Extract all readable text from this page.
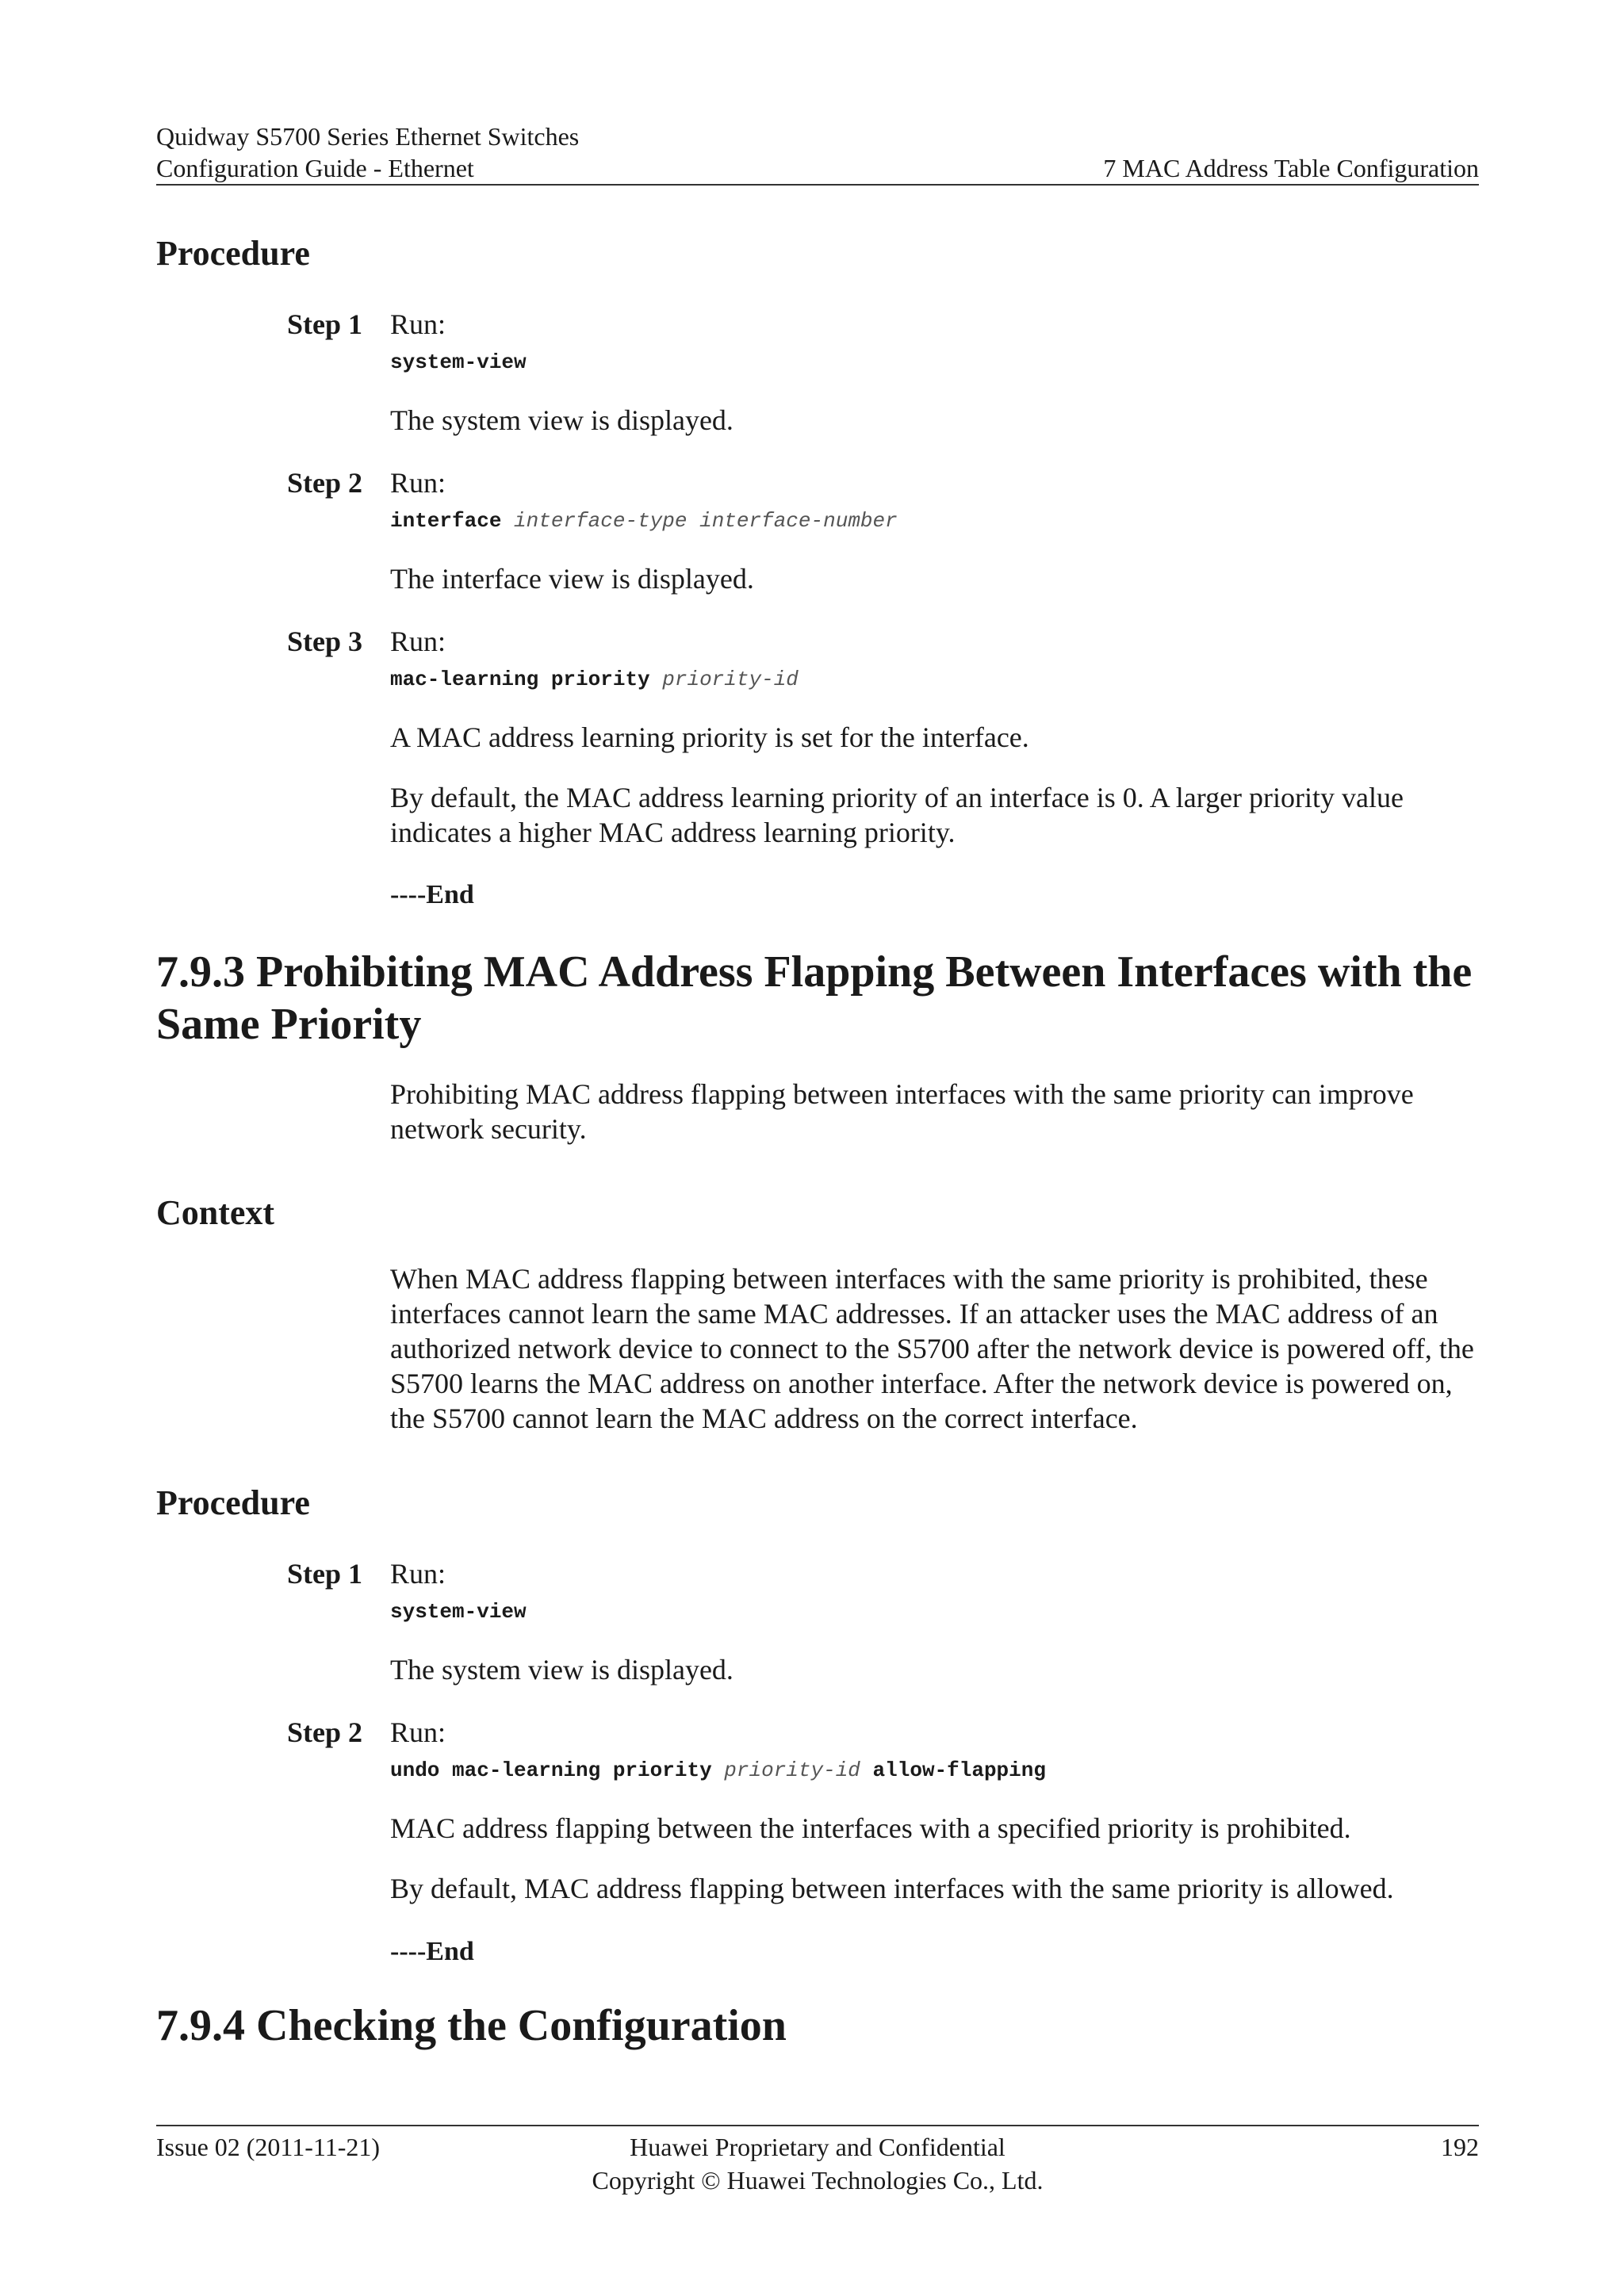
Quidway S5700 Series Ethernet Switches
Configuration Guide - Ethernet	7 MAC Address Table Configuration
Procedure
Step 1 Run:
system-view
The system view is displayed.
Step 2 Run:
interface interface-type interface-number
The interface view is displayed.
Step 3 Run:
mac-learning priority priority-id
A MAC address learning priority is set for the interface.
By default, the MAC address learning priority of an interface is 0. A larger priority value indicates a higher MAC address learning priority.
----End
7.9.3 Prohibiting MAC Address Flapping Between Interfaces with the Same Priority
Prohibiting MAC address flapping between interfaces with the same priority can improve network security.
Context
When MAC address flapping between interfaces with the same priority is prohibited, these interfaces cannot learn the same MAC addresses. If an attacker uses the MAC address of an authorized network device to connect to the S5700 after the network device is powered off, the S5700 learns the MAC address on another interface. After the network device is powered on, the S5700 cannot learn the MAC address on the correct interface.
Procedure
Step 1 Run:
system-view
The system view is displayed.
Step 2 Run:
undo mac-learning priority priority-id allow-flapping
MAC address flapping between the interfaces with a specified priority is prohibited.
By default, MAC address flapping between interfaces with the same priority is allowed.
----End
7.9.4 Checking the Configuration
Issue 02 (2011-11-21)	Huawei Proprietary and Confidential
Copyright © Huawei Technologies Co., Ltd.
192
